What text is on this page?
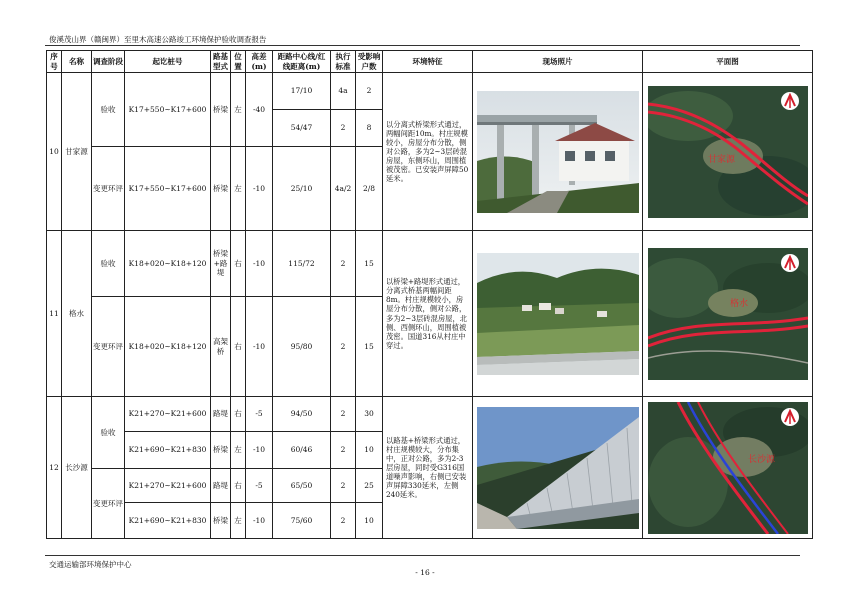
俊溪茂山界（赣闽界）至里木高速公路竣工环境保护验收调查报告
序号	名称	调查阶段	起讫桩号	路基型式	位置	高差(m)	距路中心线/红线距离(m)	执行标准	受影响户数	环境特征	现场照片	平面图
10	甘家源	验收	K17+550~K17+600	桥梁	左	-40	17/10	4a	2	以分离式桥梁形式通过，两幅间距10m。村庄规模较小，房屋分布分散，侧对公路，多为2~3层砖混房屋，东侧环山，周围植被茂密。已安装声屏障50延米。		甘家源

							54/47	2	8			
		变更环评	K17+550~K17+600	桥梁	左	-10	25/10	4a/2	2/8			
11	格水	验收	K18+020~K18+120	桥梁+路堤	右	-10	115/72	2	15	以桥梁+路堤形式通过，分离式桥基两幅间距8m。村庄规模较小，房屋分布分散，侧对公路，多为2~3层砖混房屋，北侧、西侧环山，周围植被茂密。国道316从村庄中穿过。		格水

		变更环评	K18+020~K18+120	高架桥	右	-10	95/80	2	15			
12	长沙源	验收	K21+270~K21+600	路堤	右	-5	94/50	2	30	以路基+桥梁形式通过，村庄规模较大，分布集中，正对公路，多为2-3层房屋，同时受G316国道噪声影响，右侧已安装声屏障330延米，左侧240延米。		长沙源

			K21+690~K21+830	桥梁	左	-10	60/46	2	10			
		变更环评	K21+270~K21+600	路堤	右	-5	65/50	2	25			
			K21+690~K21+830	桥梁	左	-10	75/60	2	10			
交通运输部环境保护中心
- 16 -
